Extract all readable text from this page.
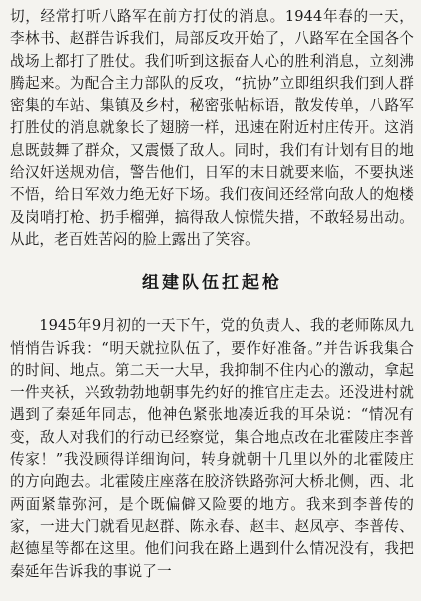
切，经常打听八路军在前方打仗的消息。1944年春的一天，李林书、赵群告诉我们，局部反攻开始了，八路军在全国各个战场上都打了胜仗。我们听到这振奋人心的胜利消息，立刻沸腾起来。为配合主力部队的反攻，“抗协”立即组织我们到人群密集的车站、集镇及乡村，秘密张帖标语，散发传单，八路军打胜仗的消息就象长了翅膀一样，迅速在附近村庄传开。这消息既鼓舞了群众，又震慑了敌人。同时，我们有计划有目的地给汉奸送规劝信，警告他们，日军的末日就要来临，不要执迷不悟，给日军效力绝无好下场。我们夜间还经常向敌人的炮楼及岗哨打枪、扔手榴弹，搞得敌人惊慌失措，不敢轻易出动。从此，老百姓苦闷的脸上露出了笑容。

组建队伍扛起枪

1945年9月初的一天下午，党的负责人、我的老师陈凤九悄悄告诉我：“明天就拉队伍了，要作好准备。”并告诉我集合的时间、地点。第二天一大早，我抑制不住内心的激动，拿起一件夹袄，兴致勃勃地朝事先约好的推官庄走去。还没进村就遇到了秦延年同志，他神色紧张地凑近我的耳朵说：“情况有变，敌人对我们的行动已经察觉，集合地点改在北霍陵庄李普传家！”我没顾得详细询问，转身就朝十几里以外的北霍陵庄的方向跑去。北霍陵庄座落在胶济铁路弥河大桥北侧，西、北两面紧靠弥河，是个既偏僻又险要的地方。我来到李普传的家，一进大门就看见赵群、陈永春、赵丰、赵凤亭、李普传、赵德星等都在这里。他们问我在路上遇到什么情况没有，我把秦延年告诉我的事说了一
